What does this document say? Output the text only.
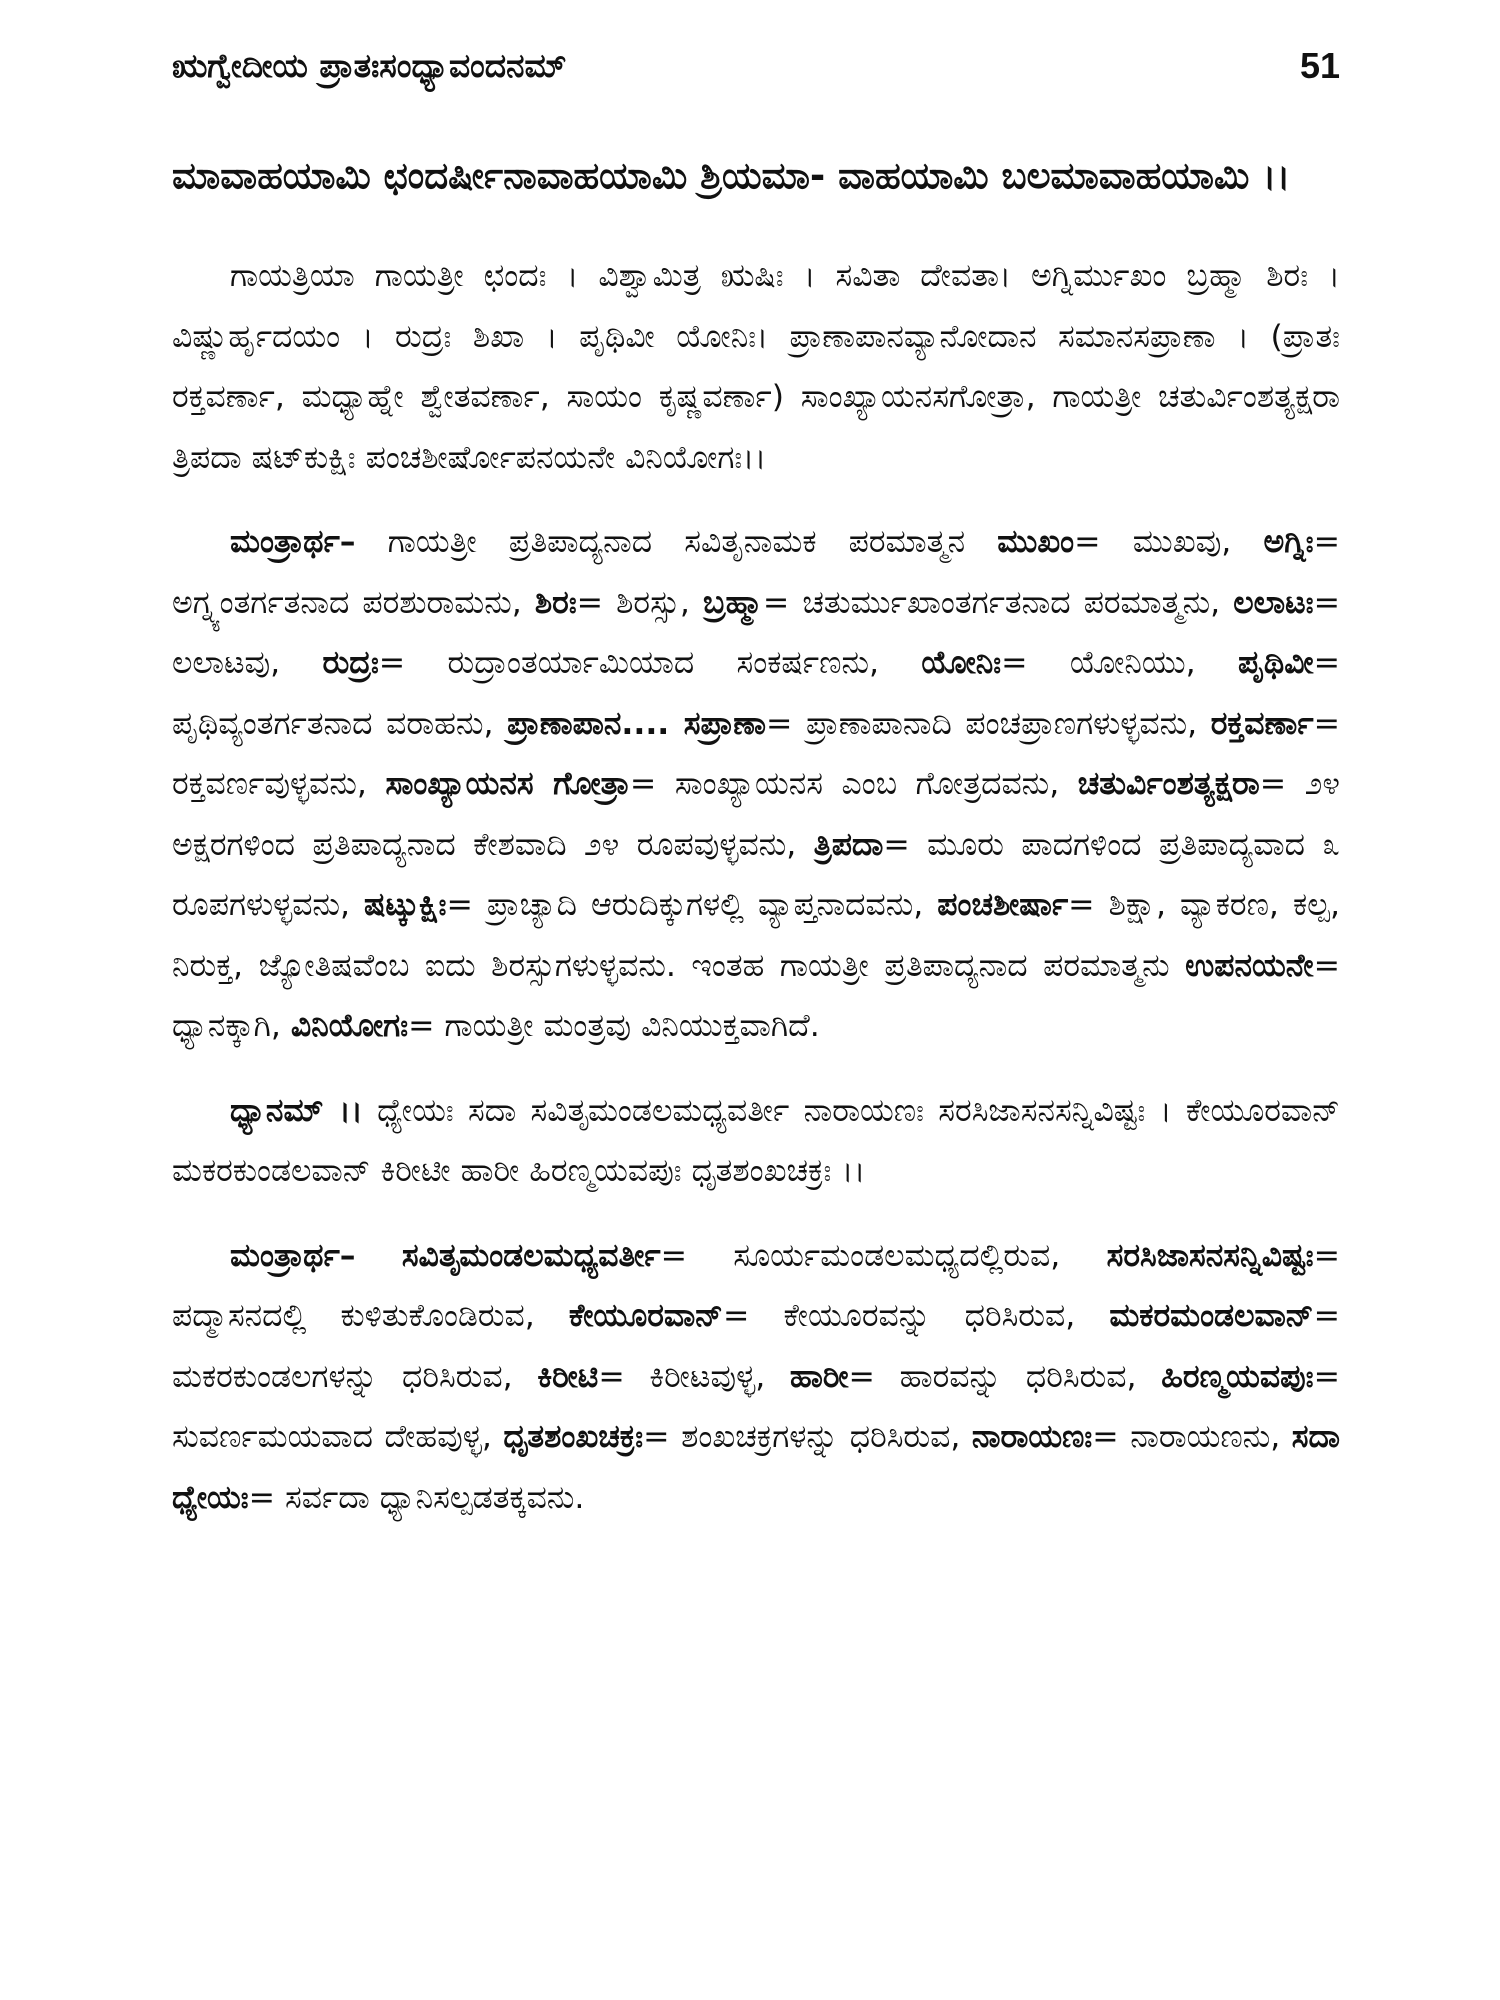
ಋಗ್ವೇದೀಯ ಪ್ರಾತಃಸಂಧ್ಯಾವಂದನಮ್	51

ಮಾವಾಹಯಾಮಿ ಛಂದರ್ಷೀನಾವಾಹಯಾಮಿ ಶ್ರಿಯಮಾ- ವಾಹಯಾಮಿ ಬಲಮಾವಾಹಯಾಮಿ ।।

ಗಾಯತ್ರಿಯಾ ಗಾಯತ್ರೀ ಛಂದಃ । ವಿಶ್ವಾಮಿತ್ರ ಋಷಿಃ । ಸವಿತಾ ದೇವತಾ। ಅಗ್ನಿರ್ಮುಖಂ ಬ್ರಹ್ಮಾ ಶಿರಃ । ವಿಷ್ಣುರ್ಹೃದಯಂ । ರುದ್ರಃ ಶಿಖಾ । ಪೃಥಿವೀ ಯೋನಿಃ। ಪ್ರಾಣಾಪಾನವ್ಯಾನೋದಾನ ಸಮಾನಸಪ್ರಾಣಾ । (ಪ್ರಾತಃ ರಕ್ತವರ್ಣಾ, ಮಧ್ಯಾಹ್ನೇ ಶ್ವೇತವರ್ಣಾ, ಸಾಯಂ ಕೃಷ್ಣವರ್ಣಾ) ಸಾಂಖ್ಯಾಯನಸಗೋತ್ರಾ, ಗಾಯತ್ರೀ ಚತುರ್ವಿಂಶತ್ಯಕ್ಷರಾ ತ್ರಿಪದಾ ಷಟ್‌ಕುಕ್ಷಿಃ ಪಂಚಶೀರ್ಷೋಪನಯನೇ ವಿನಿಯೋಗಃ।।

ಮಂತ್ರಾರ್ಥ– ಗಾಯತ್ರೀ ಪ್ರತಿಪಾದ್ಯನಾದ ಸವಿತೃನಾಮಕ ಪರಮಾತ್ಮನ ಮುಖಂ= ಮುಖವು, ಅಗ್ನಿಃ= ಅಗ್ನ್ಯಂತರ್ಗತನಾದ ಪರಶುರಾಮನು, ಶಿರಃ= ಶಿರಸ್ಸು, ಬ್ರಹ್ಮಾ= ಚತುರ್ಮುಖಾಂತರ್ಗತನಾದ ಪರಮಾತ್ಮನು, ಲಲಾಟಃ= ಲಲಾಟವು, ರುದ್ರಃ= ರುದ್ರಾಂತರ್ಯಾಮಿಯಾದ ಸಂಕರ್ಷಣನು, ಯೋನಿಃ= ಯೋನಿಯು, ಪೃಥಿವೀ= ಪೃಥಿವ್ಯಂತರ್ಗತನಾದ ವರಾಹನು, ಪ್ರಾಣಾಪಾನ.... ಸಪ್ರಾಣಾ= ಪ್ರಾಣಾಪಾನಾದಿ ಪಂಚಪ್ರಾಣಗಳುಳ್ಳವನು, ರಕ್ತವರ್ಣಾ= ರಕ್ತವರ್ಣವುಳ್ಳವನು, ಸಾಂಖ್ಯಾಯನಸ ಗೋತ್ರಾ= ಸಾಂಖ್ಯಾಯನಸ ಎಂಬ ಗೋತ್ರದವನು, ಚತುರ್ವಿಂಶತ್ಯಕ್ಷರಾ= ೨೪ ಅಕ್ಷರಗಳಿಂದ ಪ್ರತಿಪಾದ್ಯನಾದ ಕೇಶವಾದಿ ೨೪ ರೂಪವುಳ್ಳವನು, ತ್ರಿಪದಾ= ಮೂರು ಪಾದಗಳಿಂದ ಪ್ರತಿಪಾದ್ಯವಾದ ೩ ರೂಪಗಳುಳ್ಳವನು, ಷಟ್ಕುಕ್ಷಿಃ= ಪ್ರಾಚ್ಯಾದಿ ಆರುದಿಕ್ಕುಗಳಲ್ಲಿ ವ್ಯಾಪ್ತನಾದವನು, ಪಂಚಶೀರ್ಷಾ= ಶಿಕ್ಷಾ, ವ್ಯಾಕರಣ, ಕಲ್ಪ, ನಿರುಕ್ತ, ಜ್ಯೋತಿಷವೆಂಬ ಐದು ಶಿರಸ್ಸುಗಳುಳ್ಳವನು. ಇಂತಹ ಗಾಯತ್ರೀ ಪ್ರತಿಪಾದ್ಯನಾದ ಪರಮಾತ್ಮನು ಉಪನಯನೇ= ಧ್ಯಾನಕ್ಕಾಗಿ, ವಿನಿಯೋಗಃ= ಗಾಯತ್ರೀ ಮಂತ್ರವು ವಿನಿಯುಕ್ತವಾಗಿದೆ.

ಧ್ಯಾನಮ್ ।। ಧ್ಯೇಯಃ ಸದಾ ಸವಿತೃಮಂಡಲಮಧ್ಯವರ್ತೀ ನಾರಾಯಣಃ ಸರಸಿಜಾಸನಸನ್ನಿವಿಷ್ಟಃ । ಕೇಯೂರವಾನ್ ಮಕರಕುಂಡಲವಾನ್ ಕಿರೀಟೀ ಹಾರೀ ಹಿರಣ್ಮಯವಪುಃ ಧೃತಶಂಖಚಕ್ರಃ ।।

ಮಂತ್ರಾರ್ಥ– ಸವಿತೃಮಂಡಲಮಧ್ಯವರ್ತೀ= ಸೂರ್ಯಮಂಡಲಮಧ್ಯದಲ್ಲಿರುವ, ಸರಸಿಜಾಸನಸನ್ನಿವಿಷ್ಟಃ= ಪದ್ಮಾಸನದಲ್ಲಿ ಕುಳಿತುಕೊಂಡಿರುವ, ಕೇಯೂರವಾನ್= ಕೇಯೂರವನ್ನು ಧರಿಸಿರುವ, ಮಕರಮಂಡಲವಾನ್= ಮಕರಕುಂಡಲಗಳನ್ನು ಧರಿಸಿರುವ, ಕಿರೀಟಿ= ಕಿರೀಟವುಳ್ಳ, ಹಾರೀ= ಹಾರವನ್ನು ಧರಿಸಿರುವ, ಹಿರಣ್ಮಯವಪುಃ= ಸುವರ್ಣಮಯವಾದ ದೇಹವುಳ್ಳ, ಧೃತಶಂಖಚಕ್ರಃ= ಶಂಖಚಕ್ರಗಳನ್ನು ಧರಿಸಿರುವ, ನಾರಾಯಣಃ= ನಾರಾಯಣನು, ಸದಾ ಧ್ಯೇಯಃ= ಸರ್ವದಾ ಧ್ಯಾನಿಸಲ್ಪಡತಕ್ಕವನು.
